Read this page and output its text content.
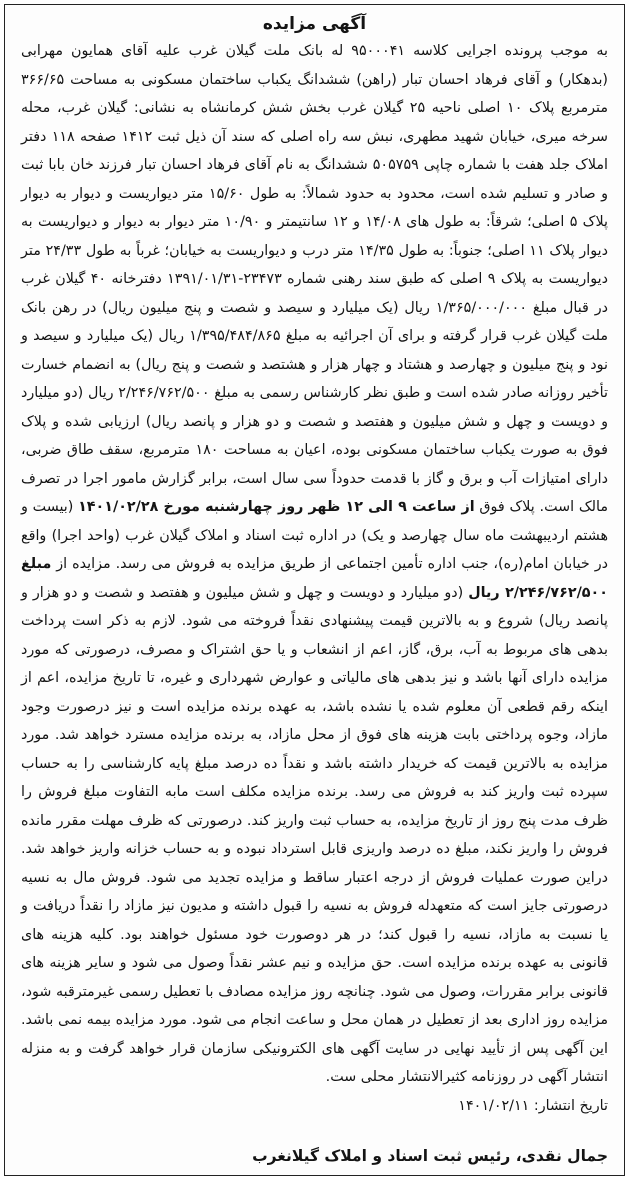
آگهی مزایده

به موجب پرونده اجرایی کلاسه ۹۵۰۰۰۴۱ له بانک ملت گیلان غرب علیه آقای همایون مهرابی (بدهکار) و آقای فرهاد احسان تبار (راهن) ششدانگ یکباب ساختمان مسکونی به مساحت ۳۶۶/۶۵ مترمربع پلاک ۱۰ اصلی ناحیه ۲۵ گیلان غرب بخش شش کرمانشاه به نشانی: گیلان غرب، محله سرخه میری، خیابان شهید مطهری، نبش سه راه اصلی که سند آن ذیل ثبت ۱۴۱۲ صفحه ۱۱۸ دفتر املاک جلد هفت با شماره چاپی ۵۰۵۷۵۹ ششدانگ به نام آقای فرهاد احسان تبار فرزند خان بابا ثبت و صادر و تسلیم شده است، محدود به حدود شمالاً: به طول ۱۵/۶۰ متر دیواریست و دیوار به دیوار پلاک ۵ اصلی؛ شرقاً: به طول های ۱۴/۰۸ و ۱۲ سانتیمتر و ۱۰/۹۰ متر دیوار به دیوار و دیواریست به دیوار پلاک ۱۱ اصلی؛ جنوباً: به طول ۱۴/۳۵ متر درب و دیواریست به خیابان؛ غرباً به طول ۲۴/۳۳ متر دیواریست به پلاک ۹ اصلی که طبق سند رهنی شماره ۲۳۴۷۳-۱۳۹۱/۰۱/۳۱ دفترخانه ۴۰ گیلان غرب در قبال مبلغ ۱/۳۶۵/۰۰۰/۰۰۰ ریال (یک میلیارد و سیصد و شصت و پنج میلیون ریال) در رهن بانک ملت گیلان غرب قرار گرفته و برای آن اجرائیه به مبلغ ۱/۳۹۵/۴۸۴/۸۶۵ ریال (یک میلیارد و سیصد و نود و پنج میلیون و چهارصد و هشتاد و چهار هزار و هشتصد و شصت و پنج ریال) به انضمام خسارت تأخیر روزانه صادر شده است و طبق نظر کارشناس رسمی به مبلغ ۲/۲۴۶/۷۶۲/۵۰۰ ریال (دو میلیارد و دویست و چهل و شش میلیون و هفتصد و شصت و دو هزار و پانصد ریال) ارزیابی شده و پلاک فوق به صورت یکباب ساختمان مسکونی بوده، اعیان به مساحت ۱۸۰ مترمربع، سقف طاق ضربی، دارای امتیازات آب و برق و گاز با قدمت حدوداً سی سال است، برابر گزارش مامور اجرا در تصرف مالک است. پلاک فوق از ساعت ۹ الی ۱۲ ظهر روز چهارشنبه مورخ ۱۴۰۱/۰۲/۲۸ (بیست و هشتم اردیبهشت ماه سال چهارصد و یک) در اداره ثبت اسناد و املاک گیلان غرب (واحد اجرا) واقع در خیابان امام(ره)، جنب اداره تأمین اجتماعی از طریق مزایده به فروش می رسد. مزایده از مبلغ ۲/۲۴۶/۷۶۲/۵۰۰ ریال (دو میلیارد و دویست و چهل و شش میلیون و هفتصد و شصت و دو هزار و پانصد ریال) شروع و به بالاترین قیمت پیشنهادی نقداً فروخته می شود. لازم به ذکر است پرداخت بدهی های مربوط به آب، برق، گاز، اعم از انشعاب و یا حق اشتراک و مصرف، درصورتی که مورد مزایده دارای آنها باشد و نیز بدهی های مالیاتی و عوارض شهرداری و غیره، تا تاریخ مزایده، اعم از اینکه رقم قطعی آن معلوم شده یا نشده باشد، به عهده برنده مزایده است و نیز درصورت وجود مازاد، وجوه پرداختی بابت هزینه های فوق از محل مازاد، به برنده مزایده مسترد خواهد شد. مورد مزایده به بالاترین قیمت که خریدار داشته باشد و نقداً ده درصد مبلغ پایه کارشناسی را به حساب سپرده ثبت واریز کند به فروش می رسد. برنده مزایده مکلف است مابه التفاوت مبلغ فروش را ظرف مدت پنج روز از تاریخ مزایده، به حساب ثبت واریز کند. درصورتی که ظرف مهلت مقرر مانده فروش را واریز نکند، مبلغ ده درصد واریزی قابل استرداد نبوده و به حساب خزانه واریز خواهد شد. دراین صورت عملیات فروش از درجه اعتبار ساقط و مزایده تجدید می شود. فروش مال به نسیه درصورتی جایز است که متعهدله فروش به نسیه را قبول داشته و مدیون نیز مازاد را نقداً دریافت و یا نسبت به مازاد، نسیه را قبول کند؛ در هر دوصورت خود مسئول خواهند بود. کلیه هزینه های قانونی به عهده برنده مزایده است. حق مزایده و نیم عشر نقداً وصول می شود و سایر هزینه های قانونی برابر مقررات، وصول می شود. چنانچه روز مزایده مصادف با تعطیل رسمی غیرمترقبه شود، مزایده روز اداری بعد از تعطیل در همان محل و ساعت انجام می شود. مورد مزایده بیمه نمی باشد. این آگهی پس از تأیید نهایی در سایت آگهی های الکترونیکی سازمان قرار خواهد گرفت و به منزله انتشار آگهی در روزنامه کثیرالانتشار محلی ست.

تاریخ انتشار: ۱۴۰۱/۰۲/۱۱

جمال نقدی، رئیس ثبت اسناد و املاک گیلانغرب
